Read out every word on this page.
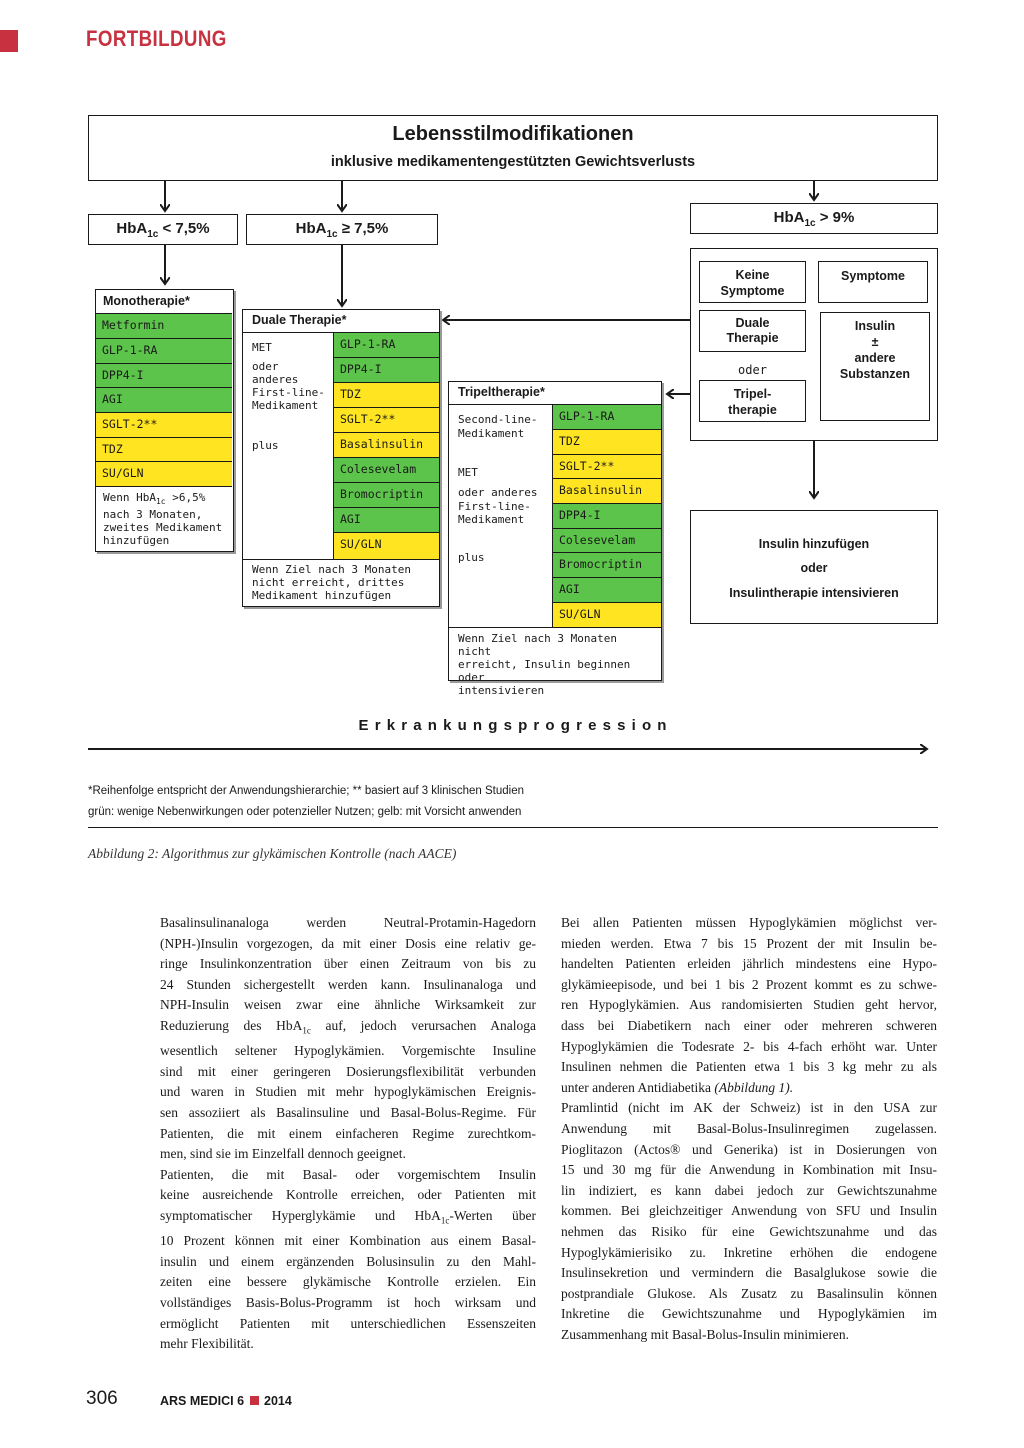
FORTBILDUNG
Lebensstilmodifikationen
inklusive medikamentengestützten Gewichtsverlusts
HbA$_{1c}$ < 7,5%	HbA$_{1c}$ ≥ 7,5%
HbA$_{1c}$ > 9%
Monotherapie*
Metformin
GLP-1-RA
DPP4-I
AGI
SGLT-2**
TDZ
SU/GLN
Wenn HbA$_{1c}$ >6,5%
nach 3 Monaten,
zweites Medikament
hinzufügen
Duale Therapie*
MET
oder
anderes
First-line-
Medikament
plus
GLP-1-RA
DPP4-I
TDZ
SGLT-2**
Basalinsulin
Colesevelam
Bromocriptin
AGI
SU/GLN
Wenn Ziel nach 3 Monaten
nicht erreicht, drittes
Medikament hinzufügen
Tripeltherapie*
Second-line-
Medikament
MET
oder anderes
First-line-
Medikament
plus
GLP-1-RA
TDZ
SGLT-2**
Basalinsulin
DPP4-I
Colesevelam
Bromocriptin
AGI
SU/GLN
Wenn Ziel nach 3 Monaten nicht
erreicht, Insulin beginnen oder
intensivieren
Keine
Symptome
Symptome
Duale
Therapie
oder
Tripel-
therapie
Insulin
±
andere
Substanzen
Insulin hinzufügen
oder
Insulintherapie intensivieren
E r k r a n k u n g s p r o g r e s s i o n
*Reihenfolge entspricht der Anwendungshierarchie; ** basiert auf 3 klinischen Studien
grün: wenige Nebenwirkungen oder potenzieller Nutzen; gelb: mit Vorsicht anwenden
Abbildung 2: Algorithmus zur glykämischen Kontrolle (nach AACE)
Basalinsulinanaloga werden Neutral-Protamin-Hagedorn
(NPH-)Insulin vorgezogen, da mit einer Dosis eine relativ ge-
ringe Insulinkonzentration über einen Zeitraum von bis zu
24 Stunden sichergestellt werden kann. Insulinanaloga und
NPH-Insulin weisen zwar eine ähnliche Wirksamkeit zur
Reduzierung des HbA$_{1c}$ auf, jedoch verursachen Analoga
wesentlich seltener Hypoglykämien. Vorgemischte Insuline
sind mit einer geringeren Dosierungsflexibilität verbunden
und waren in Studien mit mehr hypoglykämischen Ereignis-
sen assoziiert als Basalinsuline und Basal-Bolus-Regime. Für
Patienten, die mit einem einfacheren Regime zurechtkom-
men, sind sie im Einzelfall dennoch geeignet.
Patienten, die mit Basal- oder vorgemischtem Insulin
keine ausreichende Kontrolle erreichen, oder Patienten mit
symptomatischer Hyperglykämie und HbA$_{1c}$-Werten über
10 Prozent können mit einer Kombination aus einem Basal-
insulin und einem ergänzenden Bolusinsulin zu den Mahl-
zeiten eine bessere glykämische Kontrolle erzielen. Ein
vollständiges Basis-Bolus-Programm ist hoch wirksam und
ermöglicht Patienten mit unterschiedlichen Essenszeiten
mehr Flexibilität.
Bei allen Patienten müssen Hypoglykämien möglichst ver-
mieden werden. Etwa 7 bis 15 Prozent der mit Insulin be-
handelten Patienten erleiden jährlich mindestens eine Hypo-
glykämieepisode, und bei 1 bis 2 Prozent kommt es zu schwe-
ren Hypoglykämien. Aus randomisierten Studien geht hervor,
dass bei Diabetikern nach einer oder mehreren schweren
Hypoglykämien die Todesrate 2- bis 4-fach erhöht war. Unter
Insulinen nehmen die Patienten etwa 1 bis 3 kg mehr zu als
unter anderen Antidiabetika (Abbildung 1).
Pramlintid (nicht im AK der Schweiz) ist in den USA zur
Anwendung mit Basal-Bolus-Insulinregimen zugelassen.
Pioglitazon (Actos® und Generika) ist in Dosierungen von
15 und 30 mg für die Anwendung in Kombination mit Insu-
lin indiziert, es kann dabei jedoch zur Gewichtszunahme
kommen. Bei gleichzeitiger Anwendung von SFU und Insulin
nehmen das Risiko für eine Gewichtszunahme und das
Hypoglykämierisiko zu. Inkretine erhöhen die endogene
Insulinsekretion und vermindern die Basalglukose sowie die
postprandiale Glukose. Als Zusatz zu Basalinsulin können
Inkretine die Gewichtszunahme und Hypoglykämien im
Zusammenhang mit Basal-Bolus-Insulin minimieren.
306	ARS MEDICI 6 2014
